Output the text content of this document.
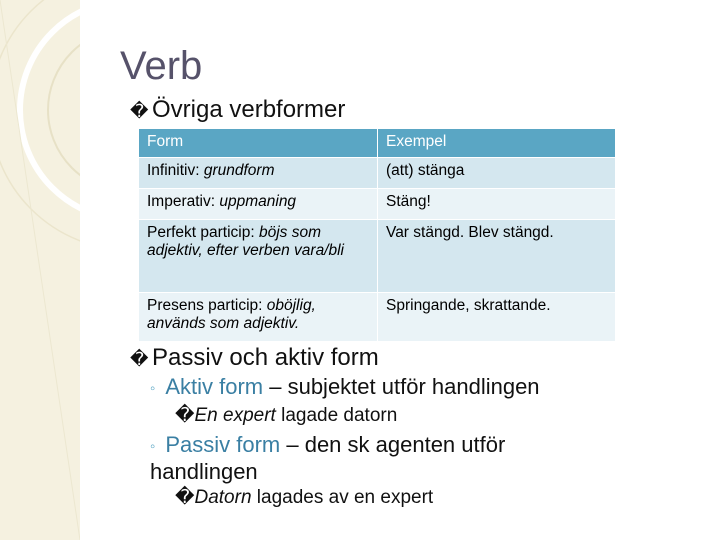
Verb
� Övriga verbformer
Form	Exempel
Infinitiv: grundform	(att) stänga
Imperativ: uppmaning	Stäng!
Perfekt particip: böjs som adjektiv, efter verben vara/bli	Var stängd. Blev stängd.
Presens particip: oböjlig, används som adjektiv.	Springande, skrattande.
� Passiv och aktiv form
◦ Aktiv form – subjektet utför handlingen
�En expert lagade datorn
◦ Passiv form – den sk agenten utför handlingen
�Datorn lagades av en expert
